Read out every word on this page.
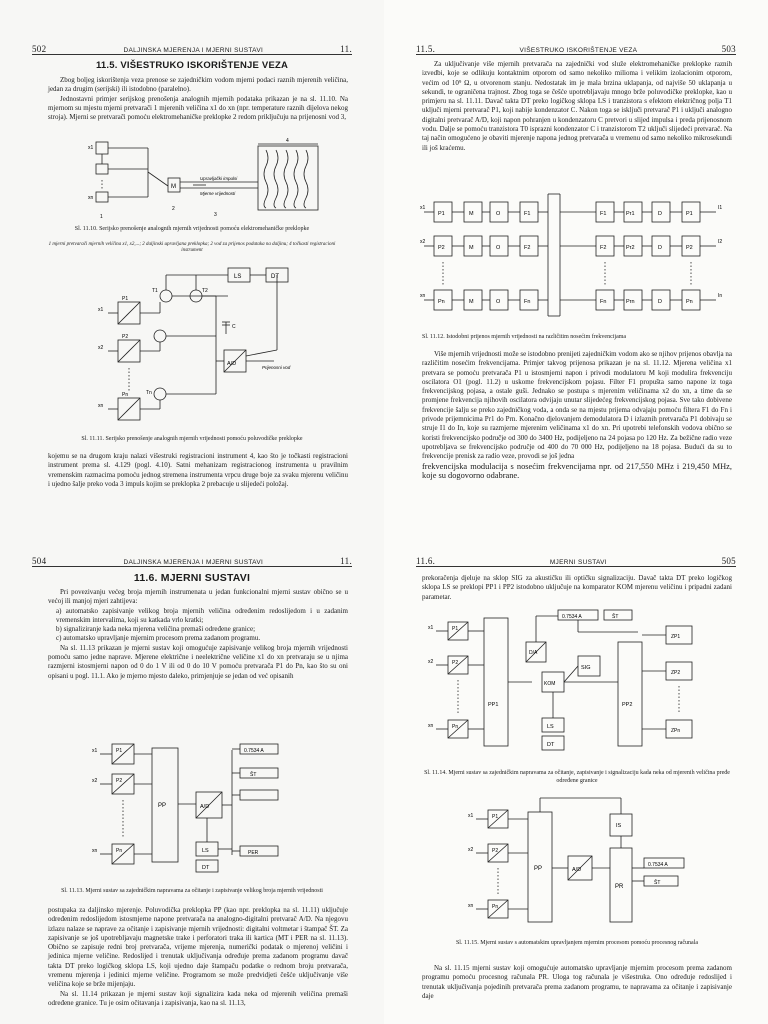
502	DALJINSKA MJERENJA I MJERNI SUSTAVI	11.
11.5. VIŠESTRUKO ISKORIŠTENJE VEZA

Zbog boljeg iskorištenja veza prenose se zajedničkim vodom mjerni podaci raznih mjerenih veličina, jedan za drugim (serijski) ili istodobno (paralelno).

Jednostavni primjer serijskog prenošenja analognih mjernih podataka prikazan je na sl. 11.10. Na mjernom su mjestu mjerni pretvarači 1 mjerenih veličina x1 do xn (npr. temperature raznih dijelova nekog stroja). Mjerni se pretvarači pomoću elektromehaničke preklopke 2 redom priključuju na prijenosni vod 3,

x1
xn
M
Upravljački impulsi
Mjerne vrijednosti
1
2
3
4
Sl. 11.10. Serijsko prenošenje analognih mjernih vrijednosti pomoću elektromehaničke preklopke
1 mjerni pretvarači mjernih veličina x1, x2,...; 2 daljinski upravljana preklopka; 2 vod za prijenos podataka na daljinu; 4 točkasti registracioni instrument
LS	DT
A/D
T1	T2
Tn
C
x1
x2
xn
P1
P2
Pn
Prijenosni vod
Sl. 11.11. Serijsko prenošenje analognih mjernih vrijednosti pomoću poluvodičke preklopke

kojemu se na drugom kraju nalazi višestruki registracioni instrument 4, kao što je točkasti registracioni instrument prema sl. 4.129 (pogl. 4.10). Satni mehanizam registracionog instrumenta u pravilnim vremenskim razmacima pomoću jednog stremena instrumenta vrpcu druge boje za svaku mjerenu veličinu i ujedno šalje preko voda 3 impuls kojim se preklopka 2 prebacuje u slijedeći položaj.

11.5.	VIŠESTRUKO ISKORIŠTENJE VEZA	503

Za uključivanje više mjernih pretvarača na zajednički vod služe elektromehaničke preklopke raznih izvedbi, koje se odlikuju kontaktnim otporom od samo nekoliko milioma i velikim izolacionim otporom, većim od 10⁹ Ω, u otvorenom stanju. Nedostatak im je mala brzina uklapanja, od najviše 50 uklapanja u sekundi, te ograničena trajnost. Zbog toga se češće upotrebljavaju mnogo brže poluvodičke preklopke, kao u primjeru na sl. 11.11. Davač takta DT preko logičkog sklopa LS i tranzistora s efektom električnog polja T1 uključi mjerni pretvarač P1, koji nabije kondenzator C. Nakon toga se isključi pretvarač P1 i uključi analogno digitalni pretvarač A/D, koji napon pohranjen u kondenzatoru C pretvori u slijed impulsa i preda prijenosnom vodu. Dalje se pomoću tranzistora T0 isprazni kondenzator C i tranzistorom T2 uključi slijedeći pretvarač. Na taj način omogućeno je obaviti mjerenje napona jednog pretvarača u vremenu od samo nekoliko mikrosekundi ili još kraćemu.

x1
x2
xn
P1
P2
Pn
M
M
M
O
O
O
F1
F2
Fn
F1
F2
Fn
Pr1
Pr2
Prn
D
D
D
P1
P2
Pn
I1
I2
In
Sl. 11.12. Istodobni prijenos mjernih vrijednosti na različitim nosećim frekvencijama

Više mjernih vrijednosti može se istodobno prenijeti zajedničkim vodom ako se njihov prijenos obavlja na različitim nosećim frekvencijama. Primjer takvog prijenosa prikazan je na sl. 11.12. Mjerena veličina x1 pretvara se pomoću pretvarača P1 u istosmjerni napon i privodi modulatoru M koji modulira frekvenciju oscilatora O1 (pogl. 11.2) u uskome frekvencijskom pojasu. Filter F1 propušta samo napone iz toga frekvencijskog pojasa, a ostale guši. Jednako se postupa s mjerenim veličinama x2 do xn, a time da se promjene frekvencija njihovih oscilatora odvijaju unutar slijedećeg frekvencijskog pojasa. Sve tako dobivene frekvencije šalju se preko zajedničkog voda, a onda se na mjestu prijema odvajaju pomoću filtera F1 do Fn i privode prijemnicima Pr1 do Prn. Konačno djelovanjem demodulatora D i izlaznih pretvarača P1 dobivaju se struje I1 do In, koje su razmjerne mjerenim veličinama x1 do xn. Pri upotrebi telefonskih vodova obično se koristi frekvencijsko područje od 300 do 3400 Hz, podijeljeno na 24 pojasa po 120 Hz. Za bežične radio veze upotrebljava se frekvencijsko područje od 400 do 70 000 Hz, podijeljeno na 18 pojasa. Budući da su to frekvencije prenisk za radio veze, provodi se još jedna

frekvencijska modulacija s nosećim frekvencijama npr. od 217,550 MHz i 219,450 MHz, koje su dogovorno odabrane.

504	DALJINSKA MJERENJA I MJERNI SUSTAVI	11.
11.6. MJERNI SUSTAVI

Pri povezivanju većeg broja mjernih instrumenata u jedan funkcionalni mjerni sustav obično se u većoj ili manjoj mjeri zahtijeva:

a) automatsko zapisivanje velikog broja mjernih veličina određenim redoslijedom i u zadanim vremenskim intervalima, koji su katkada vrlo kratki;

b) signaliziranje kada neka mjerena veličina premaši određene granice;

c) automatsko upravljanje mjernim procesom prema zadanom programu.

Na sl. 11.13 prikazan je mjerni sustav koji omogućuje zapisivanje velikog broja mjernih vrijednosti pomoću samo jedne naprave. Mjerene električne i neelektrične veličine x1 do xn pretvaraju se u njima razmjerni istosmjerni napon od 0 do 1 V ili od 0 do 10 V pomoću pretvarača P1 do Pn, kao što su oni opisani u pogl. 11.1. Ako je mjerno mjesto daleko, primjenjuje se jedan od već opisanih

x1
x2
xn
P1
P2
Pn
PP	A/D
LS
DT
0.7534 A
ŠT
PER
Sl. 11.13. Mjerni sustav sa zajedničkim napravama za očitanje i zapisivanje velikog broja mjernih vrijednosti

postupaka za daljinsko mjerenje. Poluvodička preklopka PP (kao npr. preklopka na sl. 11.11) uključuje određenim redoslijedom istosmjerne napone pretvarača na analogno-digitalni pretvarač A/D. Na njegovu izlazu nalaze se naprave za očitanje i zapisivanje mjernih vrijednosti: digitalni voltmetar i štampač ŠT. Za zapisivanje se još upotrebljavaju magnetske trake i perforatori traka ili kartica (MT i PER na sl. 11.13). Obično se zapisuje redni broj pretvarača, vrijeme mjerenja, numerički podatak o mjerenoj veličini i jedinica mjerne veličine. Redoslijed i trenutak uključivanja određuje prema zadanom programu davač takta DT preko logičkog sklopa LS, koji ujedno daje štampaču podatke o rednom broju pretvarača, vremenu mjerenja i jedinici mjerne veličine. Programom se može predvidjeti češće uključivanje više veličina koje se brže mijenjaju.

Na sl. 11.14 prikazan je mjerni sustav koji signalizira kada neka od mjerenih veličina premaši određene granice. Tu je osim očitavanja i zapisivanja, kao na sl. 11.13,

11.6.	MJERNI SUSTAVI	505

prekoračenja djeluje na sklop SIG za akustičku ili optičku signalizaciju. Davač takta DT preko logičkog sklopa LS se preklopi PP1 i PP2 istodobno uključuje na komparator KOM mjerenu veličinu i pripadni zadani parametar.

x1
x2
xn
P1
P2
Pn
PP1	PP2
D/A
SIG
KOM
LS
DT
0.7534 A	ŠT
ZP1
ZP2
ZPn
Sl. 11.14. Mjerni sustav sa zajedničkim napravama za očitanje, zapisivanje i signalizaciju kada neka od mjerenih veličina pređe određene granice
x1
x2
xn
P1
P2
Pn
PP	A/D
IS
PR
0.7534 A
ŠT
Sl. 11.15. Mjerni sustav s automatskim upravljanjem mjernim procesom pomoću procesnog računala

Na sl. 11.15 mjerni sustav koji omogućuje automatsko upravljanje mjernim procesom prema zadanom programu pomoću procesnog računala PR. Uloga tog računala je višestruka. Ono određuje redoslijed i trenutak uključivanja pojedinih pretvarača prema zadanom programu, te napravama za očitanje i zapisivanje daje
